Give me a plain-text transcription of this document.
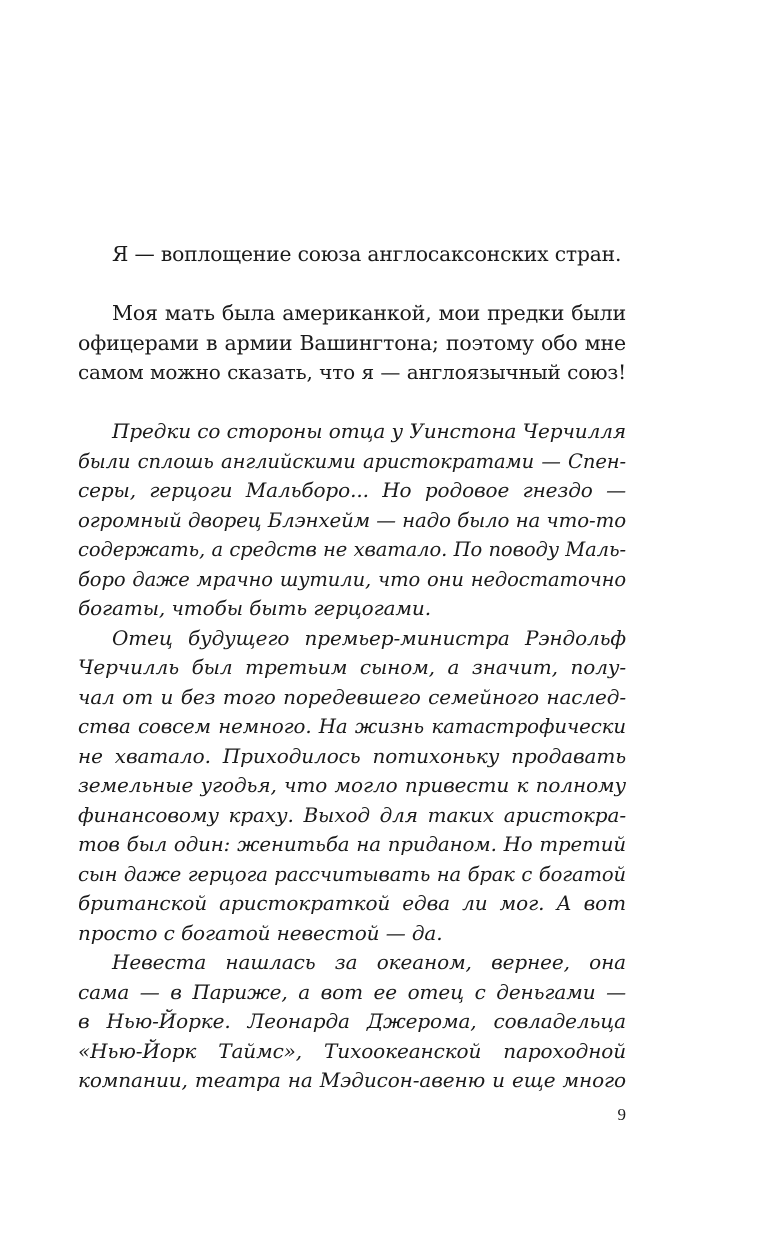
Я — воплощение союза англосаксонских стран.
Моя мать была американкой, мои предки были
офицерами в армии Вашингтона; поэтому обо мне
самом можно сказать, что я — англоязычный союз!
Предки со стороны отца у Уинстона Черчилля
были сплошь английскими аристократами — Спен-
серы, герцоги Мальборо... Но родовое гнездо —
огромный дворец Блэнхейм — надо было на что-то
содержать, а средств не хватало. По поводу Маль-
боро даже мрачно шутили, что они недостаточно
богаты, чтобы быть герцогами.
Отец будущего премьер-министра Рэндольф
Черчилль был третьим сыном, а значит, полу-
чал от и без того поредевшего семейного наслед-
ства совсем немного. На жизнь катастрофически
не хватало. Приходилось потихоньку продавать
земельные угодья, что могло привести к полному
финансовому краху. Выход для таких аристокра-
тов был один: женитьба на приданом. Но третий
сын даже герцога рассчитывать на брак с богатой
британской аристократкой едва ли мог. А вот
просто с богатой невестой — да.
Невеста нашлась за океаном, вернее, она
сама — в Париже, а вот ее отец с деньгами —
в Нью-Йорке. Леонарда Джерома, совладельца
«Нью-Йорк Таймс», Тихоокеанской пароходной
компании, театра на Мэдисон-авеню и еще много
9
